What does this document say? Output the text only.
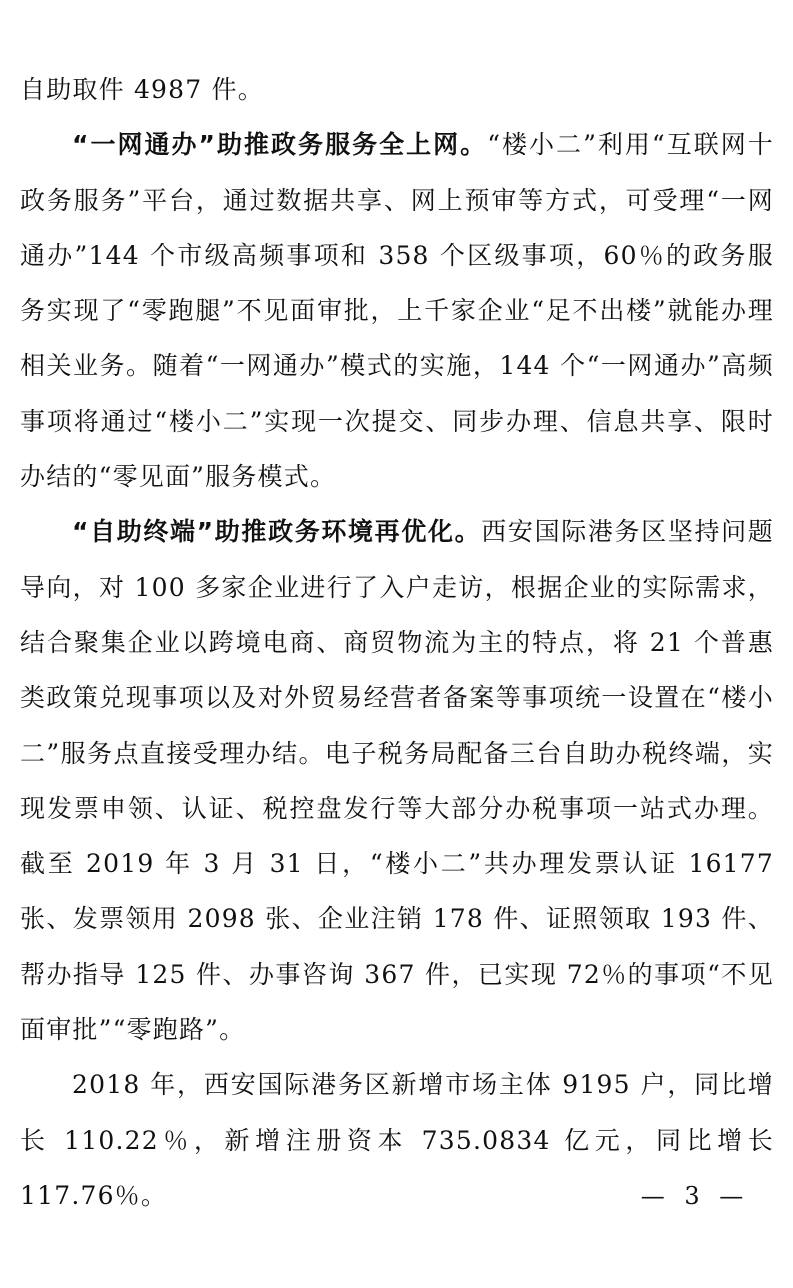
自助取件 4987 件。

“一网通办”助推政务服务全上网。“楼小二”利用“互联网十政务服务”平台，通过数据共享、网上预审等方式，可受理“一网通办”144 个市级高频事项和 358 个区级事项，60％的政务服务实现了“零跑腿”不见面审批，上千家企业“足不出楼”就能办理相关业务。随着“一网通办”模式的实施，144 个“一网通办”高频事项将通过“楼小二”实现一次提交、同步办理、信息共享、限时办结的“零见面”服务模式。

“自助终端”助推政务环境再优化。西安国际港务区坚持问题导向，对 100 多家企业进行了入户走访，根据企业的实际需求，结合聚集企业以跨境电商、商贸物流为主的特点，将 21 个普惠类政策兑现事项以及对外贸易经营者备案等事项统一设置在“楼小二”服务点直接受理办结。电子税务局配备三台自助办税终端，实现发票申领、认证、税控盘发行等大部分办税事项一站式办理。截至 2019 年 3 月 31 日，“楼小二”共办理发票认证 16177 张、发票领用 2098 张、企业注销 178 件、证照领取 193 件、帮办指导 125 件、办事咨询 367 件，已实现 72％的事项“不见面审批”“零跑路”。

2018 年，西安国际港务区新增市场主体 9195 户，同比增长 110.22％，新增注册资本 735.0834 亿元，同比增长 117.76％。	— 3 —
